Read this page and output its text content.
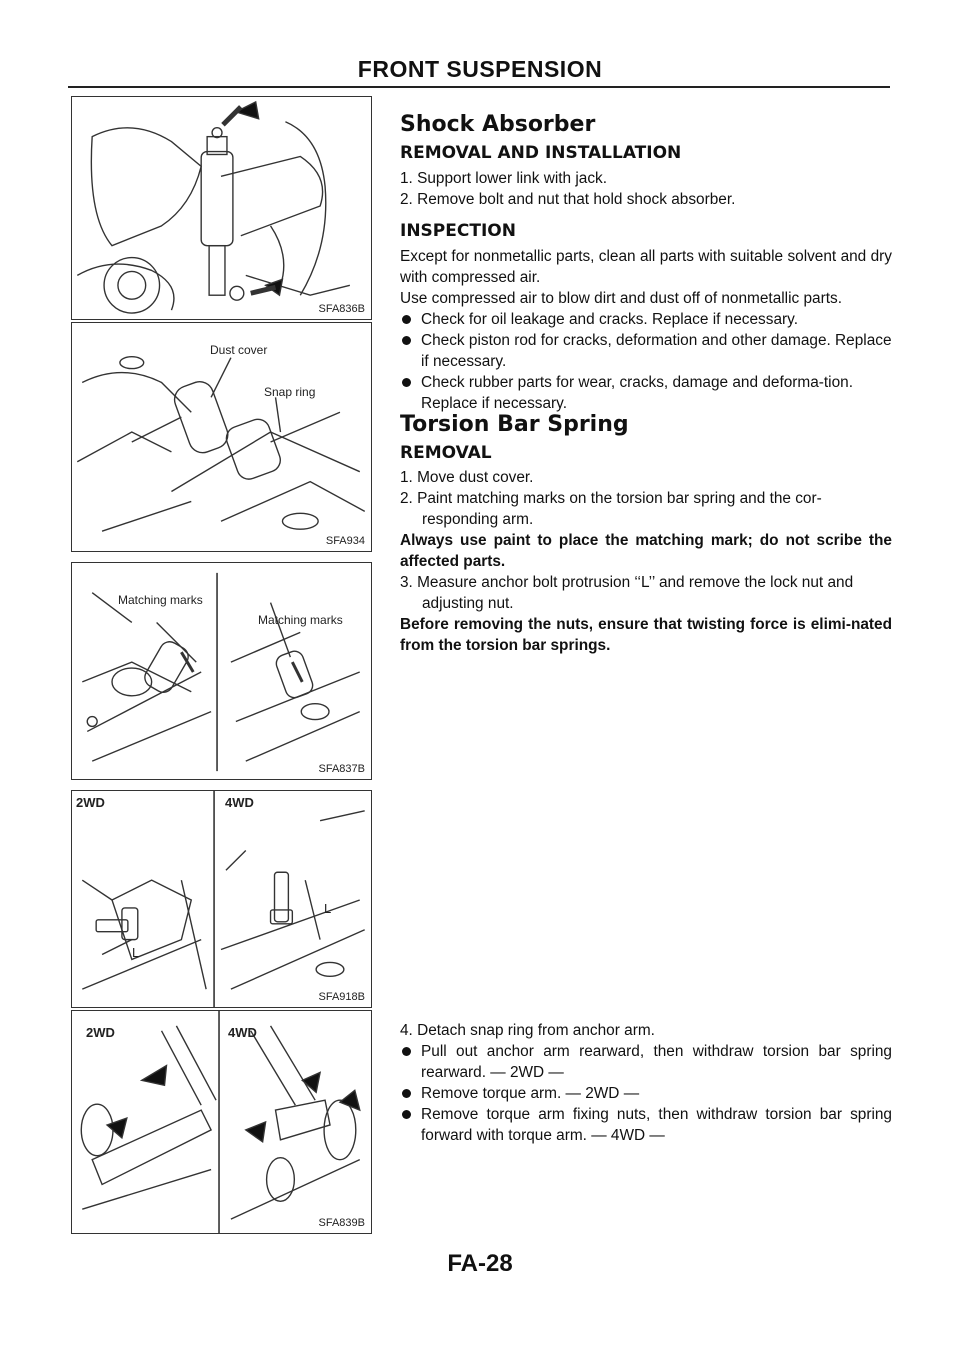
FRONT SUSPENSION
SFA836B
Dust cover
Snap ring
SFA934
Matching marks
Matching marks
SFA837B
2WD	4WD
L
L
SFA918B
2WD	4WD
SFA839B
Shock Absorber
REMOVAL AND INSTALLATION
1. Support lower link with jack.
2. Remove bolt and nut that hold shock absorber.
INSPECTION
Except for nonmetallic parts, clean all parts with suitable solvent and dry with compressed air.
Use compressed air to blow dirt and dust off of nonmetallic parts.
Check for oil leakage and cracks. Replace if necessary.
Check piston rod for cracks, deformation and other damage. Replace if necessary.
Check rubber parts for wear, cracks, damage and deforma-tion. Replace if necessary.
Torsion Bar Spring
REMOVAL
1. Move dust cover.
2. Paint matching marks on the torsion bar spring and the cor-responding arm.
Always use paint to place the matching mark; do not scribe the affected parts.
3. Measure anchor bolt protrusion ‘‘L’’ and remove the lock nut and adjusting nut.
Before removing the nuts, ensure that twisting force is elimi-nated from the torsion bar springs.
4. Detach snap ring from anchor arm.
Pull out anchor arm rearward, then withdraw torsion bar spring rearward. — 2WD —
Remove torque arm. — 2WD —
Remove torque arm fixing nuts, then withdraw torsion bar spring forward with torque arm. — 4WD —
FA-28
